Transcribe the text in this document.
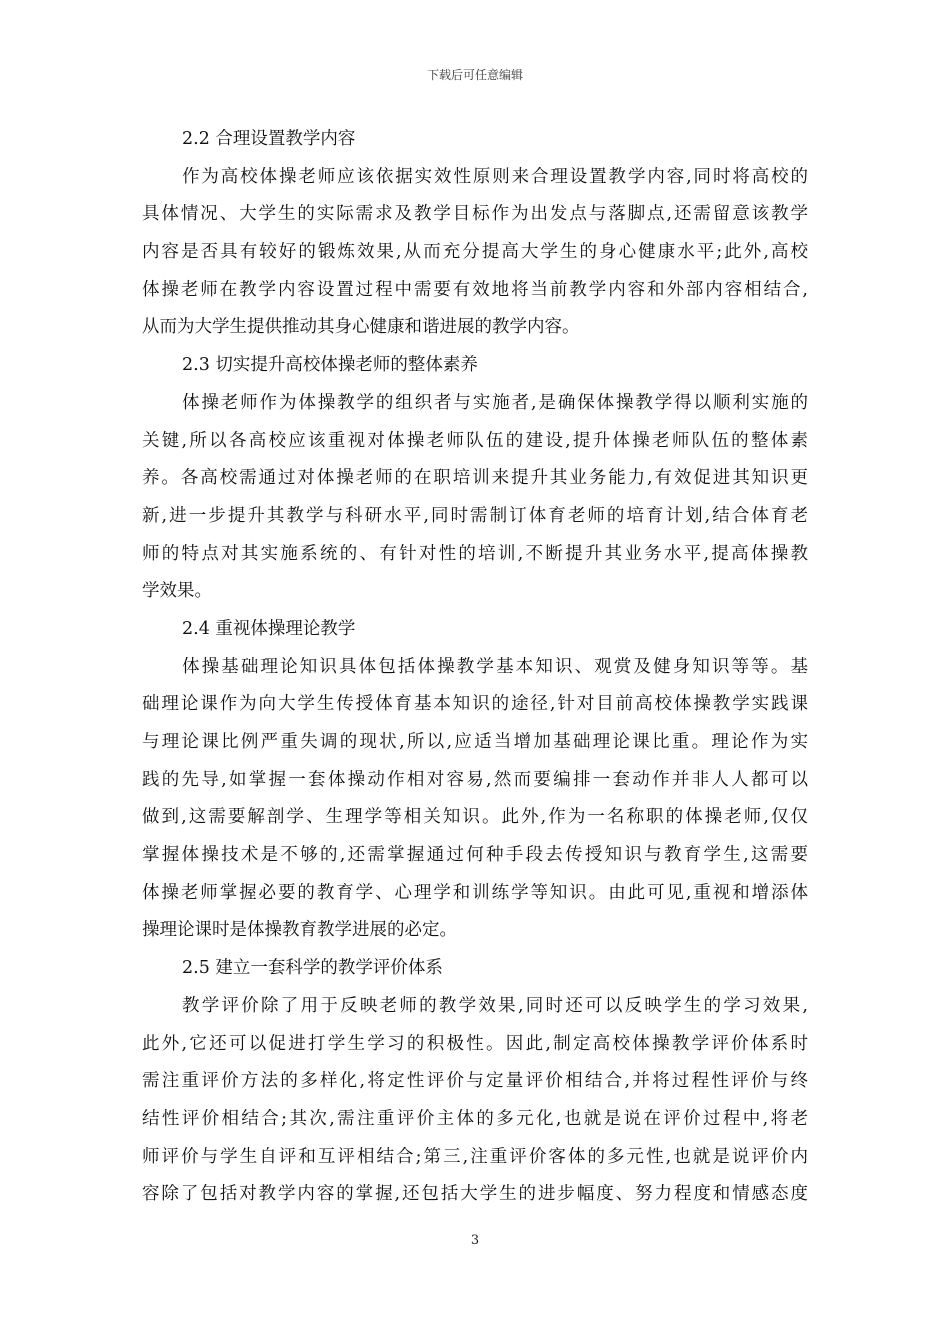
下载后可任意编辑
2.2 合理设置教学内容
作为高校体操老师应该依据实效性原则来合理设置教学内容,同时将高校的
具体情况、大学生的实际需求及教学目标作为出发点与落脚点,还需留意该教学
内容是否具有较好的锻炼效果,从而充分提高大学生的身心健康水平;此外,高校
体操老师在教学内容设置过程中需要有效地将当前教学内容和外部内容相结合,
从而为大学生提供推动其身心健康和谐进展的教学内容。
2.3 切实提升高校体操老师的整体素养
体操老师作为体操教学的组织者与实施者,是确保体操教学得以顺利实施的
关键,所以各高校应该重视对体操老师队伍的建设,提升体操老师队伍的整体素
养。各高校需通过对体操老师的在职培训来提升其业务能力,有效促进其知识更
新,进一步提升其教学与科研水平,同时需制订体育老师的培育计划,结合体育老
师的特点对其实施系统的、有针对性的培训,不断提升其业务水平,提高体操教
学效果。
2.4 重视体操理论教学
体操基础理论知识具体包括体操教学基本知识、观赏及健身知识等等。基
础理论课作为向大学生传授体育基本知识的途径,针对目前高校体操教学实践课
与理论课比例严重失调的现状,所以,应适当增加基础理论课比重。理论作为实
践的先导,如掌握一套体操动作相对容易,然而要编排一套动作并非人人都可以
做到,这需要解剖学、生理学等相关知识。此外,作为一名称职的体操老师,仅仅
掌握体操技术是不够的,还需掌握通过何种手段去传授知识与教育学生,这需要
体操老师掌握必要的教育学、心理学和训练学等知识。由此可见,重视和增添体
操理论课时是体操教育教学进展的必定。
2.5 建立一套科学的教学评价体系
教学评价除了用于反映老师的教学效果,同时还可以反映学生的学习效果,
此外,它还可以促进打学生学习的积极性。因此,制定高校体操教学评价体系时
需注重评价方法的多样化,将定性评价与定量评价相结合,并将过程性评价与终
结性评价相结合;其次,需注重评价主体的多元化,也就是说在评价过程中,将老
师评价与学生自评和互评相结合;第三,注重评价客体的多元性,也就是说评价内
容除了包括对教学内容的掌握,还包括大学生的进步幅度、努力程度和情感态度
3
